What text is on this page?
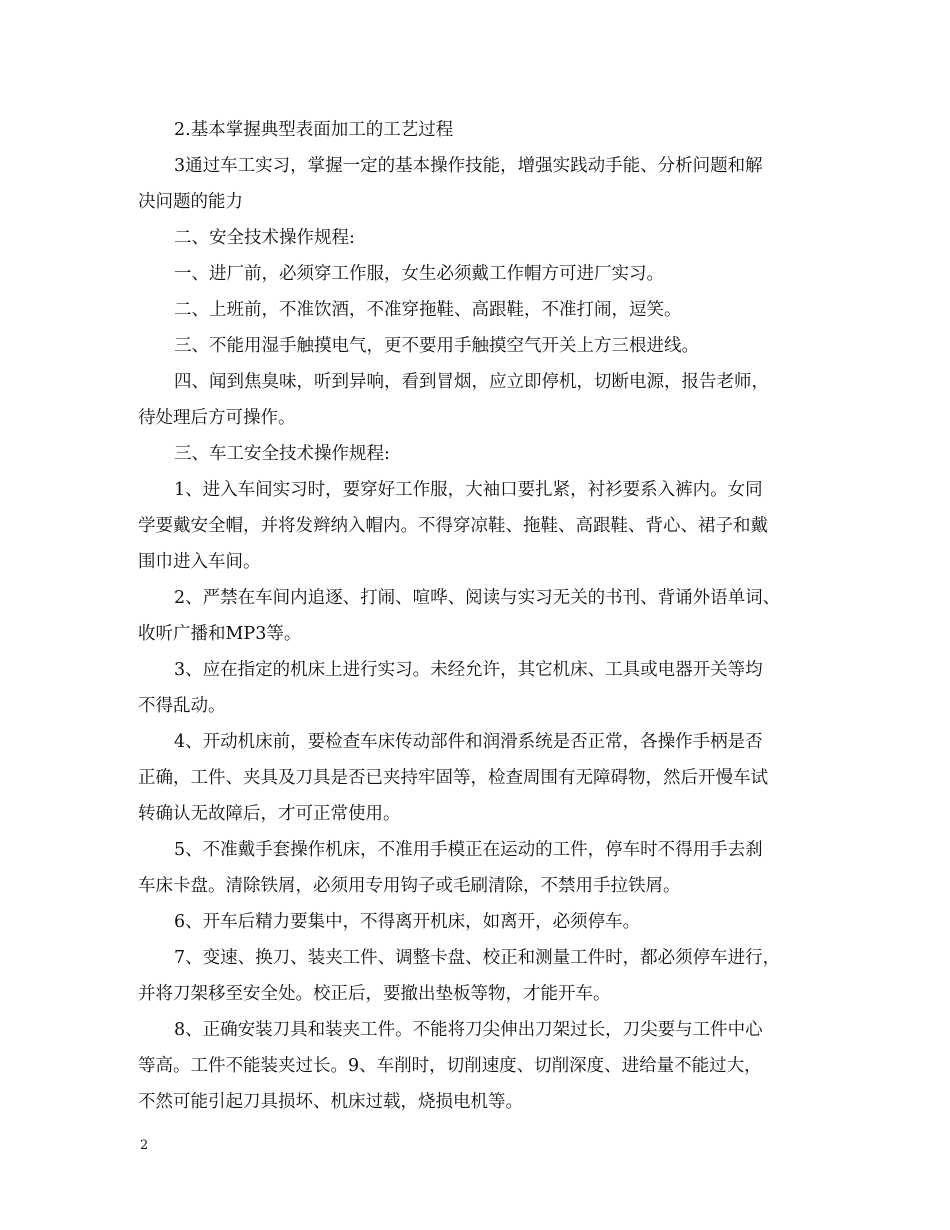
2.基本掌握典型表面加工的工艺过程
3通过车工实习，掌握一定的基本操作技能，增强实践动手能、分析问题和解
决问题的能力
二、安全技术操作规程:
一、进厂前，必须穿工作服，女生必须戴工作帽方可进厂实习。
二、上班前，不准饮酒，不准穿拖鞋、高跟鞋，不准打闹，逗笑。
三、不能用湿手触摸电气，更不要用手触摸空气开关上方三根进线。
四、闻到焦臭味，听到异响，看到冒烟，应立即停机，切断电源，报告老师，
待处理后方可操作。
三、车工安全技术操作规程:
1、进入车间实习时，要穿好工作服，大袖口要扎紧，衬衫要系入裤内。女同
学要戴安全帽，并将发辫纳入帽内。不得穿凉鞋、拖鞋、高跟鞋、背心、裙子和戴
围巾进入车间。
2、严禁在车间内追逐、打闹、喧哗、阅读与实习无关的书刊、背诵外语单词、
收听广播和MP3等。
3、应在指定的机床上进行实习。未经允许，其它机床、工具或电器开关等均
不得乱动。
4、开动机床前，要检查车床传动部件和润滑系统是否正常，各操作手柄是否
正确，工件、夹具及刀具是否已夹持牢固等，检查周围有无障碍物，然后开慢车试
转确认无故障后，才可正常使用。
5、不准戴手套操作机床，不准用手模正在运动的工件，停车时不得用手去刹
车床卡盘。清除铁屑，必须用专用钩子或毛刷清除，不禁用手拉铁屑。
6、开车后精力要集中，不得离开机床，如离开，必须停车。
7、变速、换刀、装夹工件、调整卡盘、校正和测量工件时，都必须停车进行，
并将刀架移至安全处。校正后，要撤出垫板等物，才能开车。
8、正确安装刀具和装夹工件。不能将刀尖伸出刀架过长，刀尖要与工件中心
等高。工件不能装夹过长。9、车削时，切削速度、切削深度、进给量不能过大，
不然可能引起刀具损坏、机床过载，烧损电机等。
2
